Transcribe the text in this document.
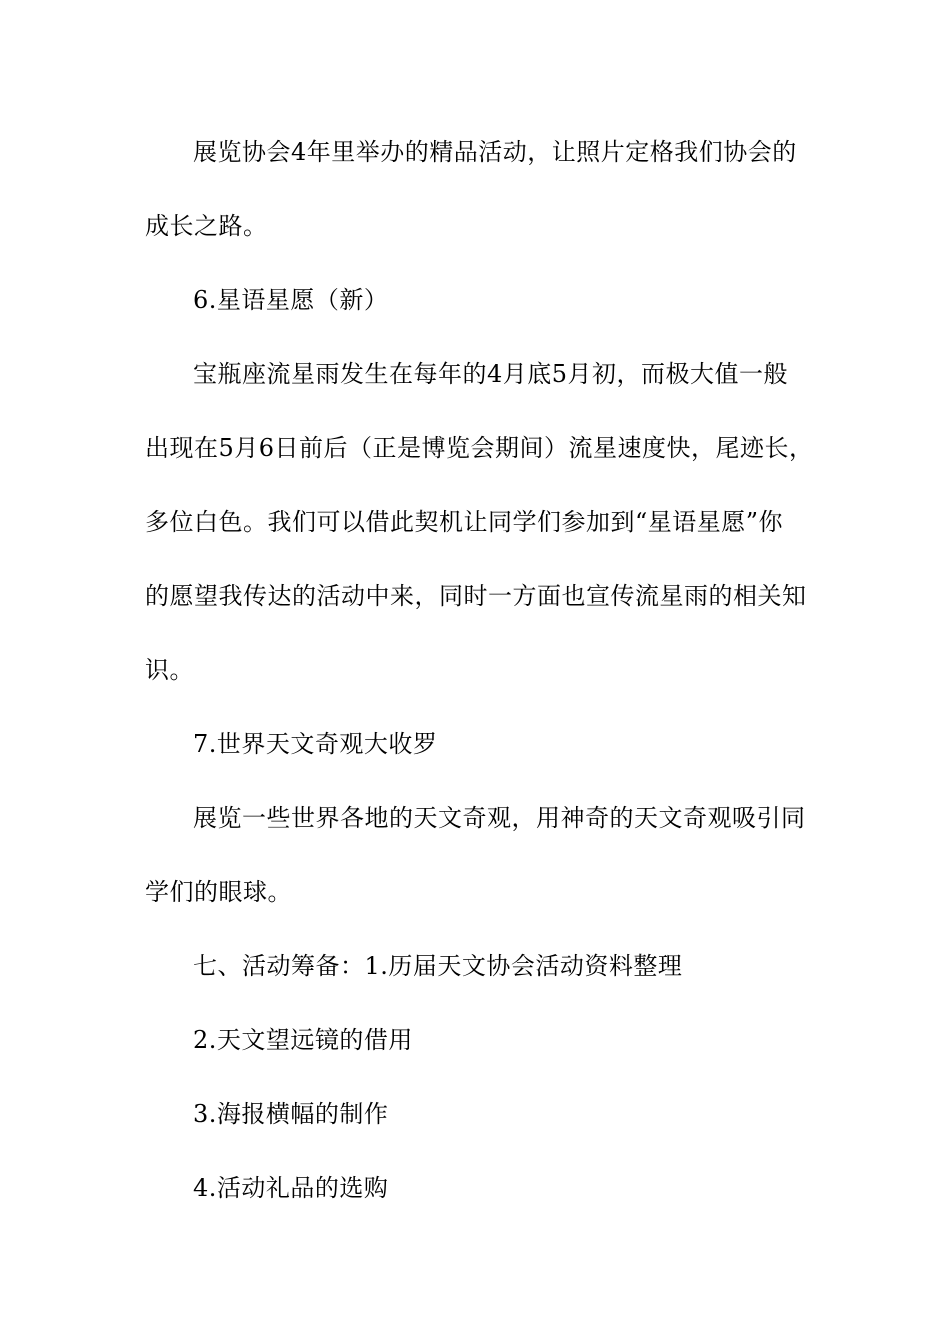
展览协会4年里举办的精品活动，让照片定格我们协会的
成长之路。
6.星语星愿（新）
宝瓶座流星雨发生在每年的4月底5月初，而极大值一般
出现在5月6日前后（正是博览会期间）流星速度快，尾迹长，
多位白色。我们可以借此契机让同学们参加到“星语星愿”你
的愿望我传达的活动中来，同时一方面也宣传流星雨的相关知
识。
7.世界天文奇观大收罗
展览一些世界各地的天文奇观，用神奇的天文奇观吸引同
学们的眼球。
七、活动筹备：1.历届天文协会活动资料整理
2.天文望远镜的借用
3.海报横幅的制作
4.活动礼品的选购
